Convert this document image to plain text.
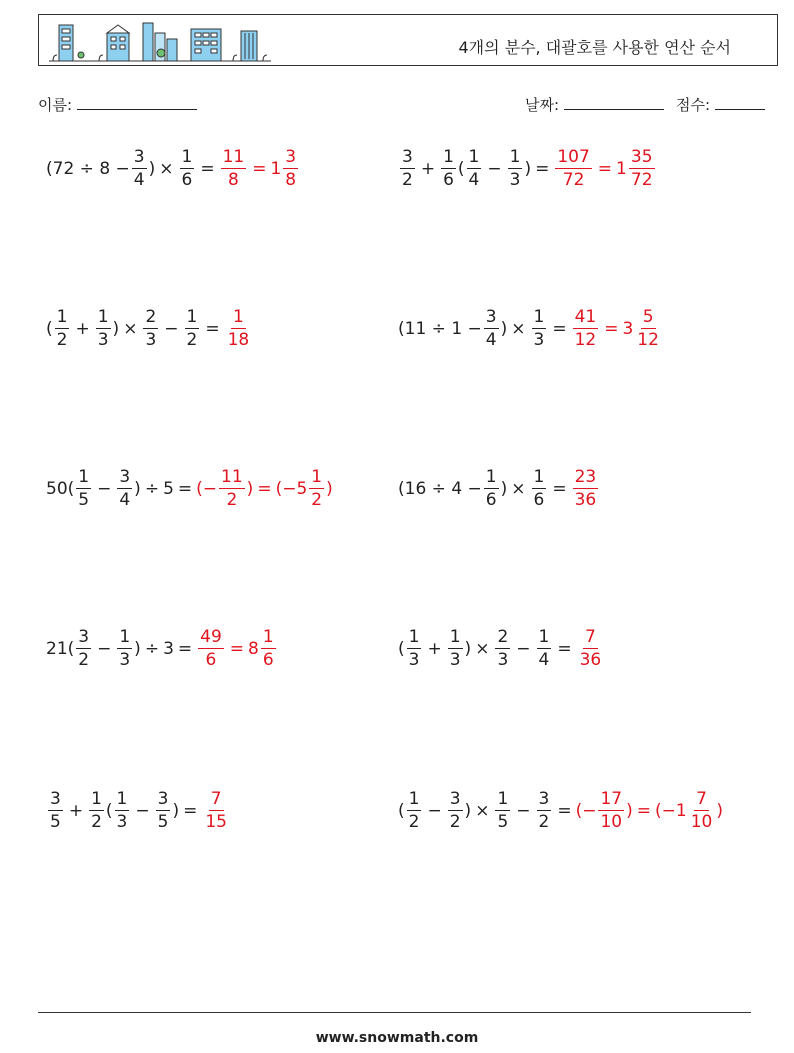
4개의 분수, 대괄호를 사용한 연산 순서
이름:	날짜:	점수:
($72 \div 8 - \frac{3}{4}$ ) × $\frac{1}{6} = \frac{11}{8} = 1 \frac{3}{8}$	$\frac{3}{2} + \frac{1}{6}$ ( $\frac{1}{4} - \frac{1}{3}$ ) = $\frac{107}{72} = 1 \frac{35}{72}$
( $\frac{1}{2} + \frac{1}{3}$ ) × $\frac{2}{3} - \frac{1}{2} = \frac{1}{18}$	($11 \div 1 - \frac{3}{4}$ ) × $\frac{1}{3} = \frac{41}{12} = 3 \frac{5}{12}$
$50( \frac{1}{5} - \frac{3}{4}$ ) ÷ 5 = (− $\frac{11}{2}$ ) = ($-5 \frac{1}{2}$ )	($16 \div 4 - \frac{1}{6}$ ) × $\frac{1}{6} = \frac{23}{36}$
$21( \frac{3}{2} - \frac{1}{3}$ ) ÷ $3 = \frac{49}{6} = 8 \frac{1}{6}$	( $\frac{1}{3} + \frac{1}{3}$ ) × $\frac{2}{3} - \frac{1}{4} = \frac{7}{36}$
$\frac{3}{5} + \frac{1}{2}$ ( $\frac{1}{3} - \frac{3}{5}$ ) = $\frac{7}{15}$	( $\frac{1}{2} - \frac{3}{2}$ ) × $\frac{1}{5} - \frac{3}{2}$ = (− $\frac{17}{10}$ ) = ($-1 \frac{7}{10}$ )
www.snowmath.com
